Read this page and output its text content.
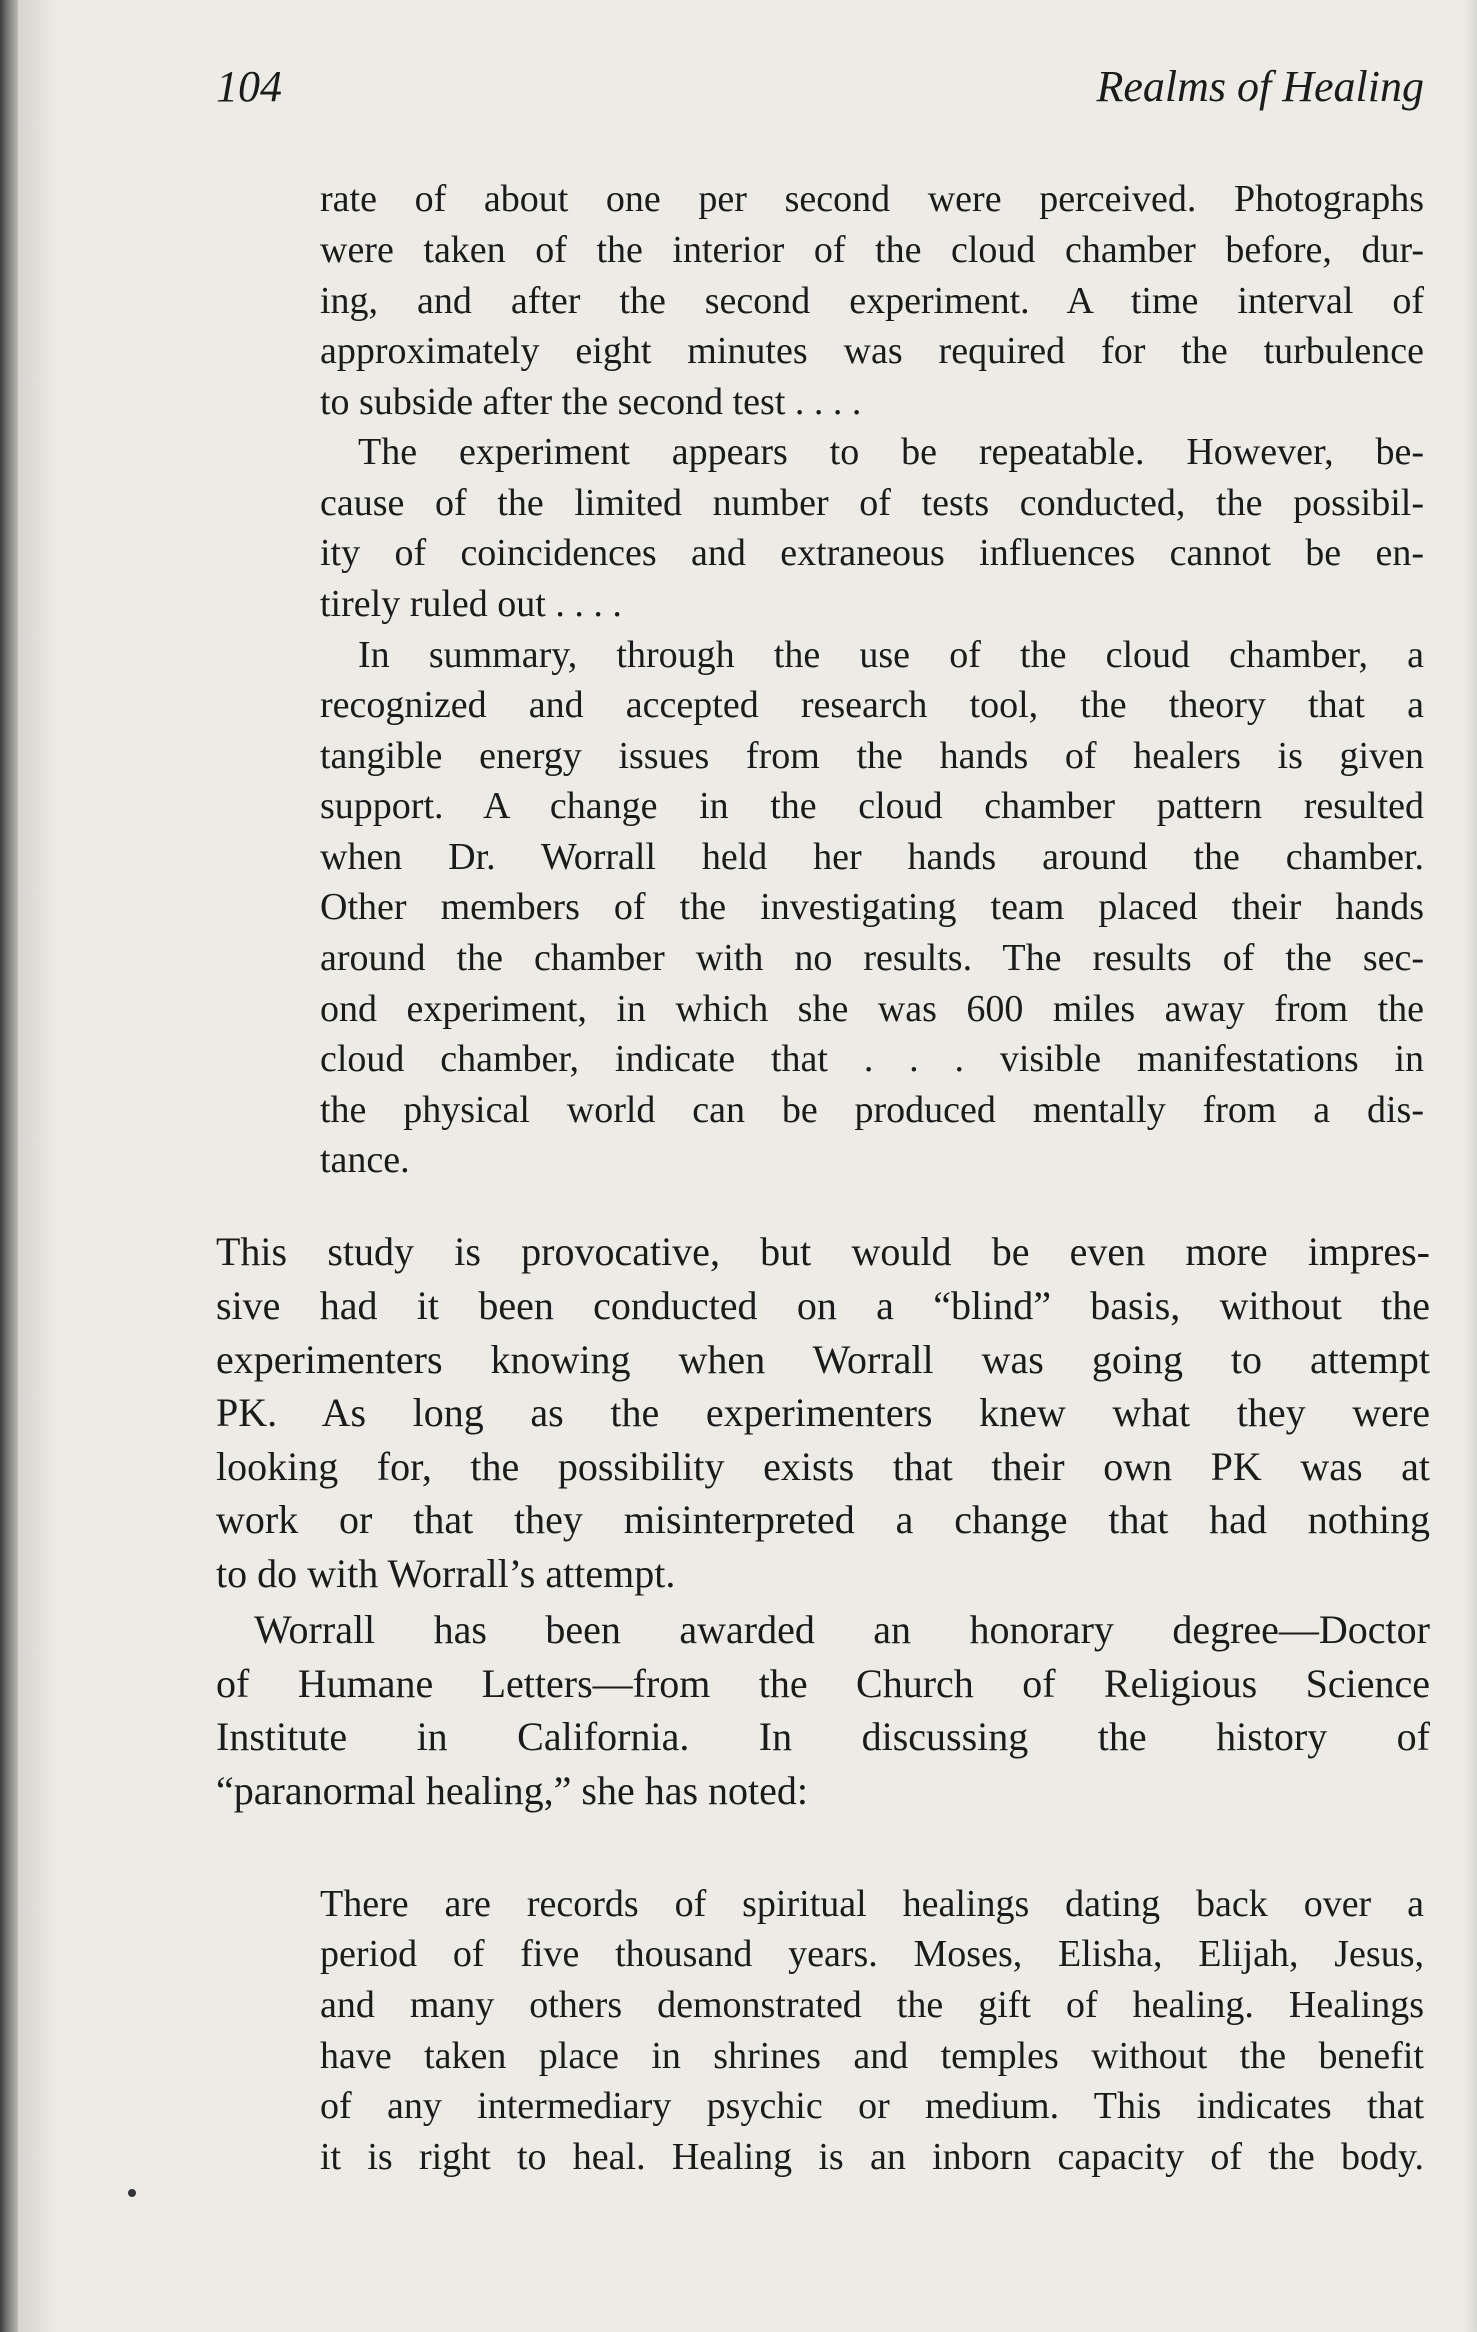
104	Realms of Healing
rate of about one per second were perceived. Photographs
were taken of the interior of the cloud chamber before, dur-
ing, and after the second experiment. A time interval of
approximately eight minutes was required for the turbulence
to subside after the second test . . . .
The experiment appears to be repeatable. However, be-
cause of the limited number of tests conducted, the possibil-
ity of coincidences and extraneous influences cannot be en-
tirely ruled out . . . .
In summary, through the use of the cloud chamber, a
recognized and accepted research tool, the theory that a
tangible energy issues from the hands of healers is given
support. A change in the cloud chamber pattern resulted
when Dr. Worrall held her hands around the chamber.
Other members of the investigating team placed their hands
around the chamber with no results. The results of the sec-
ond experiment, in which she was 600 miles away from the
cloud chamber, indicate that . . . visible manifestations in
the physical world can be produced mentally from a dis-
tance.
This study is provocative, but would be even more impres-
sive had it been conducted on a “blind” basis, without the
experimenters knowing when Worrall was going to attempt
PK. As long as the experimenters knew what they were
looking for, the possibility exists that their own PK was at
work or that they misinterpreted a change that had nothing
to do with Worrall’s attempt.
Worrall has been awarded an honorary degree—Doctor
of Humane Letters—from the Church of Religious Science
Institute in California. In discussing the history of
“paranormal healing,” she has noted:
There are records of spiritual healings dating back over a
period of five thousand years. Moses, Elisha, Elijah, Jesus,
and many others demonstrated the gift of healing. Healings
have taken place in shrines and temples without the benefit
of any intermediary psychic or medium. This indicates that
it is right to heal. Healing is an inborn capacity of the body.
